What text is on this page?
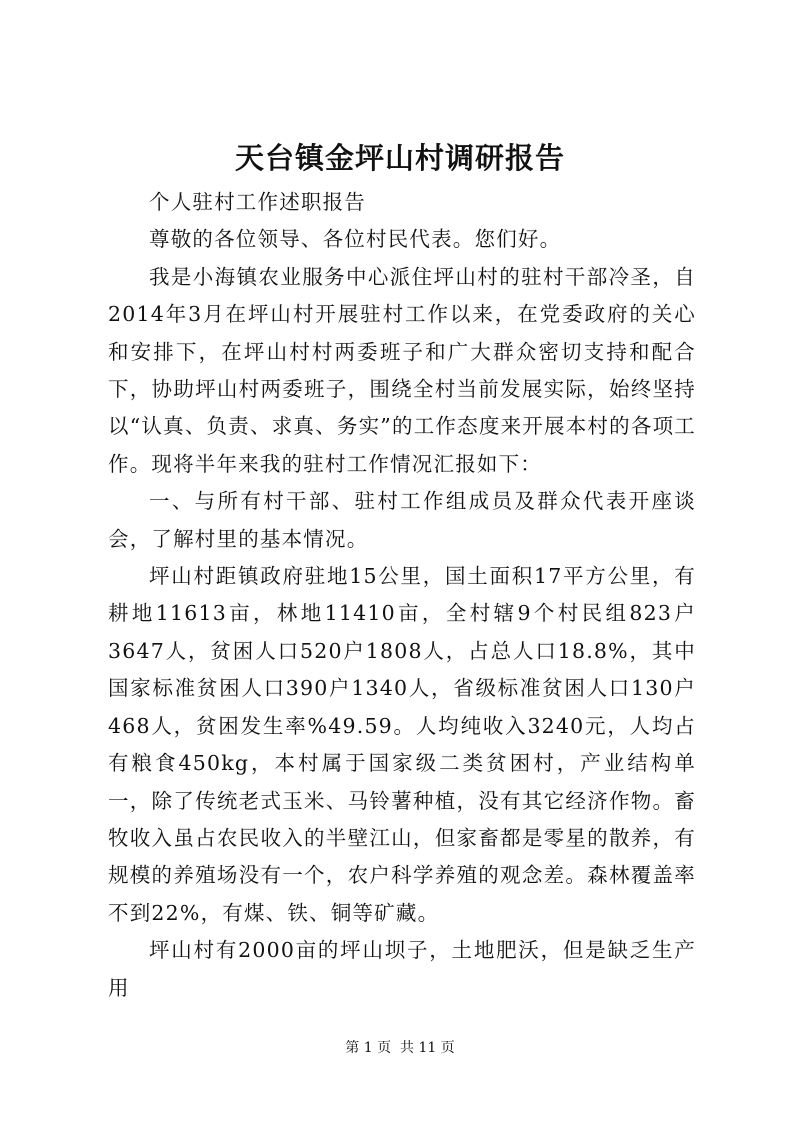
天台镇金坪山村调研报告

个人驻村工作述职报告

尊敬的各位领导、各位村民代表。您们好。

我是小海镇农业服务中心派住坪山村的驻村干部冷圣，自2014年3月在坪山村开展驻村工作以来，在党委政府的关心和安排下，在坪山村村两委班子和广大群众密切支持和配合下，协助坪山村两委班子，围绕全村当前发展实际，始终坚持以“认真、负责、求真、务实”的工作态度来开展本村的各项工作。现将半年来我的驻村工作情况汇报如下：

一、与所有村干部、驻村工作组成员及群众代表开座谈会，了解村里的基本情况。

坪山村距镇政府驻地15公里，国土面积17平方公里，有耕地11613亩，林地11410亩，全村辖9个村民组823户3647人，贫困人口520户1808人，占总人口18.8%，其中国家标准贫困人口390户1340人，省级标准贫困人口130户468人，贫困发生率%49.59。人均纯收入3240元，人均占有粮食450kg，本村属于国家级二类贫困村，产业结构单一，除了传统老式玉米、马铃薯种植，没有其它经济作物。畜牧收入虽占农民收入的半壁江山，但家畜都是零星的散养，有规模的养殖场没有一个，农户科学养殖的观念差。森林覆盖率不到22%，有煤、铁、铜等矿藏。

坪山村有2000亩的坪山坝子，土地肥沃，但是缺乏生产用

第 1 页  共 11 页
